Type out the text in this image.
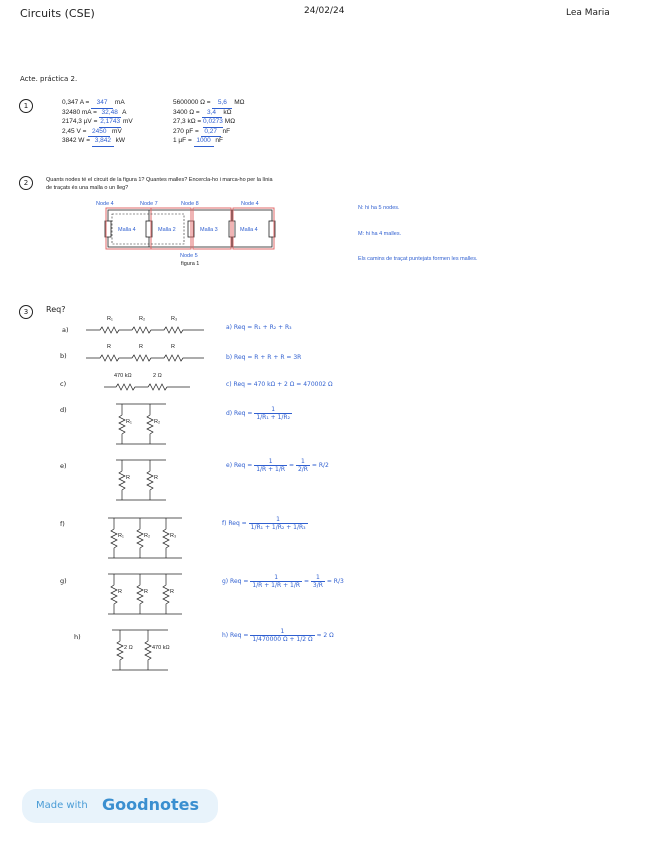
Circuits (CSE)	24/02/24	Lea Maria
Acte. práctica 2.
1	0,347 A = 347 mA
32480 mA = 32,48 A
2174,3 µV = 2,1743 mV
2,45 V = 2450 mV
3842 W = 3,842 kW
5600000 Ω = 5,6 MΩ
3400 Ω = 3,4 kΩ
27,3 kΩ = 0,0273 MΩ
270 pF = 0,27 nF
1 µF = 1000 nF
2	Quants nodes té el circuit de la figura 1? Quantes malles? Encercla-ho i marca-ho per la línia
de traçats és una malla o un lleg?
Node 4	Node 7	Node 8	Node 4
Malla 4	Malla 2	Malla 3	Malla 4
Node 5
figura 1
N: hi ha 5 nodes.
M: hi ha 4 malles.
Els camins de traçat puntejats formen les malles.
3	Req?
a)
b)
c)
d)
e)
f)
g)
h)
R₁	R₂	R₃
R	R	R
470 kΩ	2 Ω
R₁	R₂
R	R
R₁	R₂	R₃
R	R	R
2 Ω	470 kΩ
a) Req = R₁ + R₂ + R₃
b) Req = R + R + R = 3R
c) Req = 470 kΩ + 2 Ω = 470002 Ω
d) Req = $\frac{1}{\text{1/R₁ + 1/R₂}}$
e) Req = $\frac{1}{1/R + 1/R} = \frac{1}{2/R} = R/2$
f) Req = $\frac{1}{\text{1/R₁ + 1/R₂ + 1/R₃}}$
g) Req = $\frac{1}{1/R + 1/R + 1/R} = \frac{1}{3/R} = R/3$
h) Req = $\frac{1}{1/470000 \Omega + 1/2 \Omega} \approx 2$ Ω
Made with Goodnotes
